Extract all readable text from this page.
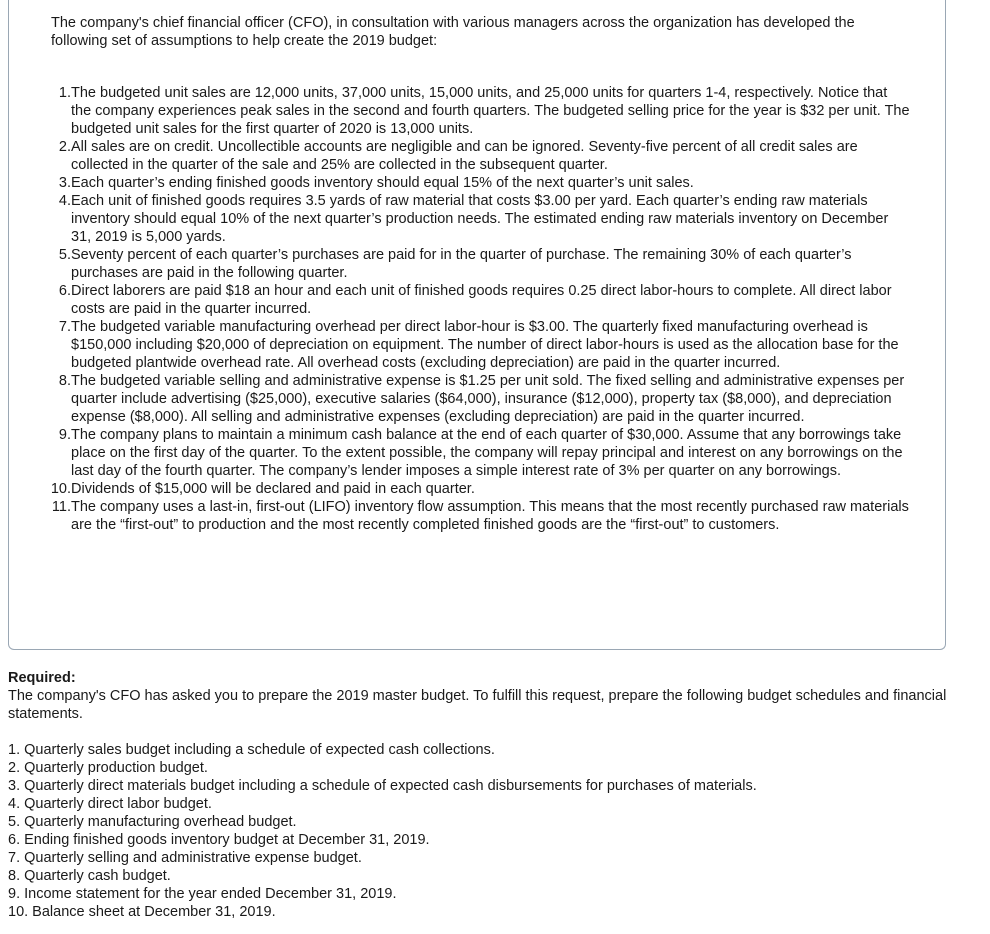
The company's chief financial officer (CFO), in consultation with various managers across the organization has developed the following set of assumptions to help create the 2019 budget:

1. The budgeted unit sales are 12,000 units, 37,000 units, 15,000 units, and 25,000 units for quarters 1-4, respectively. Notice that the company experiences peak sales in the second and fourth quarters. The budgeted selling price for the year is $32 per unit. The budgeted unit sales for the first quarter of 2020 is 13,000 units.
2. All sales are on credit. Uncollectible accounts are negligible and can be ignored. Seventy-five percent of all credit sales are collected in the quarter of the sale and 25% are collected in the subsequent quarter.
3. Each quarter’s ending finished goods inventory should equal 15% of the next quarter’s unit sales.
4. Each unit of finished goods requires 3.5 yards of raw material that costs $3.00 per yard. Each quarter’s ending raw materials inventory should equal 10% of the next quarter’s production needs. The estimated ending raw materials inventory on December 31, 2019 is 5,000 yards.
5. Seventy percent of each quarter’s purchases are paid for in the quarter of purchase. The remaining 30% of each quarter’s purchases are paid in the following quarter.
6. Direct laborers are paid $18 an hour and each unit of finished goods requires 0.25 direct labor-hours to complete. All direct labor costs are paid in the quarter incurred.
7. The budgeted variable manufacturing overhead per direct labor-hour is $3.00. The quarterly fixed manufacturing overhead is $150,000 including $20,000 of depreciation on equipment. The number of direct labor-hours is used as the allocation base for the budgeted plantwide overhead rate. All overhead costs (excluding depreciation) are paid in the quarter incurred.
8. The budgeted variable selling and administrative expense is $1.25 per unit sold. The fixed selling and administrative expenses per quarter include advertising ($25,000), executive salaries ($64,000), insurance ($12,000), property tax ($8,000), and depreciation expense ($8,000). All selling and administrative expenses (excluding depreciation) are paid in the quarter incurred.
9. The company plans to maintain a minimum cash balance at the end of each quarter of $30,000. Assume that any borrowings take place on the first day of the quarter. To the extent possible, the company will repay principal and interest on any borrowings on the last day of the fourth quarter. The company’s lender imposes a simple interest rate of 3% per quarter on any borrowings.
10. Dividends of $15,000 will be declared and paid in each quarter.
11. The company uses a last-in, first-out (LIFO) inventory flow assumption. This means that the most recently purchased raw materials are the “first-out” to production and the most recently completed finished goods are the “first-out” to customers.

Required:

The company's CFO has asked you to prepare the 2019 master budget. To fulfill this request, prepare the following budget schedules and financial statements.

1. Quarterly sales budget including a schedule of expected cash collections.
2. Quarterly production budget.
3. Quarterly direct materials budget including a schedule of expected cash disbursements for purchases of materials.
4. Quarterly direct labor budget.
5. Quarterly manufacturing overhead budget.
6. Ending finished goods inventory budget at December 31, 2019.
7. Quarterly selling and administrative expense budget.
8. Quarterly cash budget.
9. Income statement for the year ended December 31, 2019.
10. Balance sheet at December 31, 2019.
